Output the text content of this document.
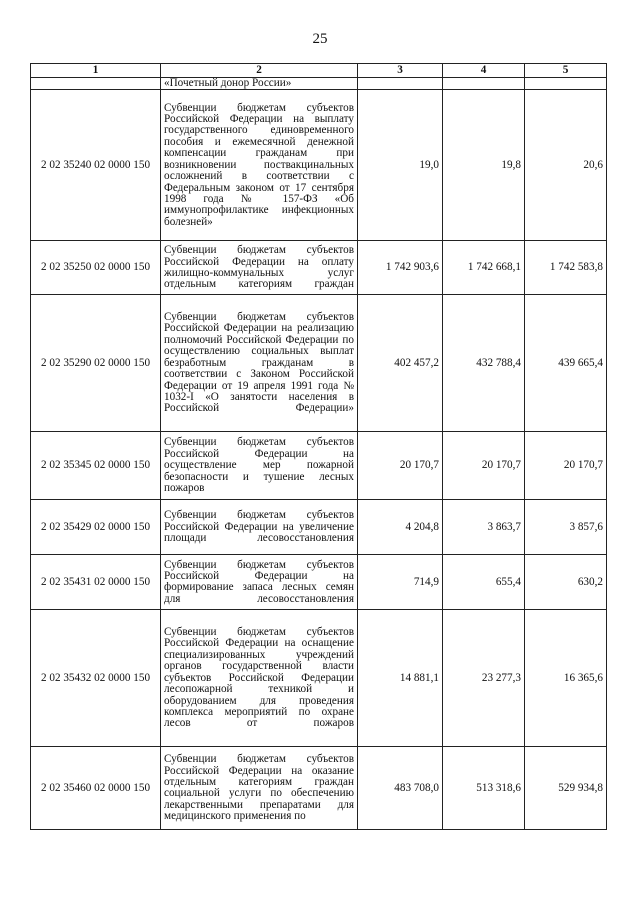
25
1	2	3	4	5
	«Почетный донор России»			
2 02 35240 02 0000 150	Субвенции бюджетам субъектов Российской Федерации на выплату государственного единовременного пособия и ежемесячной денежной компенсации гражданам при возникновении поствакцинальных осложнений в соответствии с Федеральным законом от 17 сентября 1998 года № 157-ФЗ «Об иммунопрофилактике инфекционных болезней»	19,0	19,8	20,6
2 02 35250 02 0000 150	Субвенции бюджетам субъектов Российской Федерации на оплату жилищно-коммунальных услуг отдельным категориям граждан	1 742 903,6	1 742 668,1	1 742 583,8
2 02 35290 02 0000 150	Субвенции бюджетам субъектов Российской Федерации на реализацию полномочий Российской Федерации по осуществлению социальных выплат безработным гражданам в соответствии с Законом Российской Федерации от 19 апреля 1991 года № 1032-I «О занятости населения в Российской Федерации»	402 457,2	432 788,4	439 665,4
2 02 35345 02 0000 150	Субвенции бюджетам субъектов Российской Федерации на осуществление мер пожарной безопасности и тушение лесных пожаров	20 170,7	20 170,7	20 170,7
2 02 35429 02 0000 150	Субвенции бюджетам субъектов Российской Федерации на увеличение площади лесовосстановления	4 204,8	3 863,7	3 857,6
2 02 35431 02 0000 150	Субвенции бюджетам субъектов Российской Федерации на формирование запаса лесных семян для лесовосстановления	714,9	655,4	630,2
2 02 35432 02 0000 150	Субвенции бюджетам субъектов Российской Федерации на оснащение специализированных учреждений органов государственной власти субъектов Российской Федерации лесопожарной техникой и оборудованием для проведения комплекса мероприятий по охране лесов от пожаров	14 881,1	23 277,3	16 365,6
2 02 35460 02 0000 150	Субвенции бюджетам субъектов Российской Федерации на оказание отдельным категориям граждан социальной услуги по обеспечению лекарственными препаратами для медицинского применения по	483 708,0	513 318,6	529 934,8
